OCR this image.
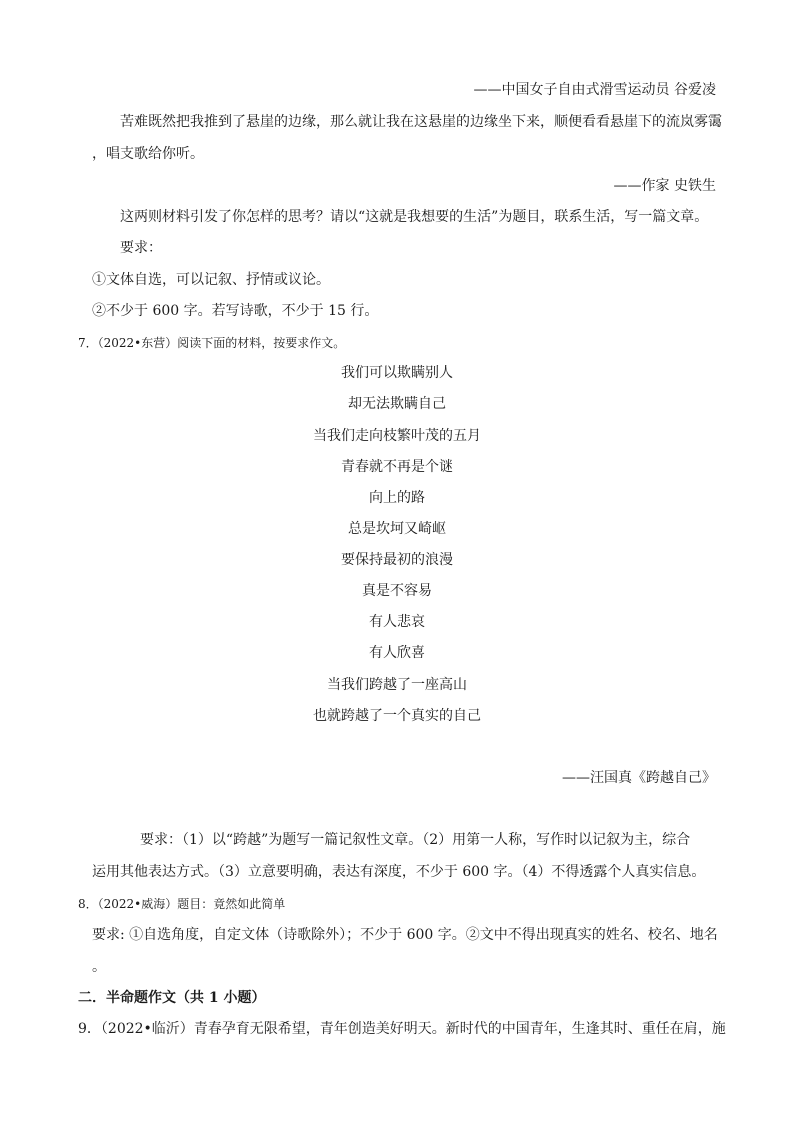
——中国女子自由式滑雪运动员 谷爱凌
苦难既然把我推到了悬崖的边缘，那么就让我在这悬崖的边缘坐下来，顺便看看悬崖下的流岚雾霭
，唱支歌给你听。
——作家 史铁生
这两则材料引发了你怎样的思考？请以“这就是我想要的生活”为题目，联系生活，写一篇文章。
要求：
①文体自选，可以记叙、抒情或议论。
②不少于 600 字。若写诗歌，不少于 15 行。
7．（2022•东营）阅读下面的材料，按要求作文。
我们可以欺瞒别人
却无法欺瞒自己
当我们走向枝繁叶茂的五月
青春就不再是个谜
向上的路
总是坎坷又崎岖
要保持最初的浪漫
真是不容易
有人悲哀
有人欣喜
当我们跨越了一座高山
也就跨越了一个真实的自己
——汪国真《跨越自己》
要求：（1）以“跨越”为题写一篇记叙性文章。（2）用第一人称，写作时以记叙为主，综合
运用其他表达方式。（3）立意要明确，表达有深度，不少于 600 字。（4）不得透露个人真实信息。
8．（2022•威海）题目：竟然如此简单
要求: ①自选角度，自定文体（诗歌除外）；不少于 600 字。②文中不得出现真实的姓名、校名、地名
。
二．半命题作文（共 1 小题）
9．（2022•临沂）青春孕育无限希望，青年创造美好明天。新时代的中国青年，生逢其时、重任在肩，施
